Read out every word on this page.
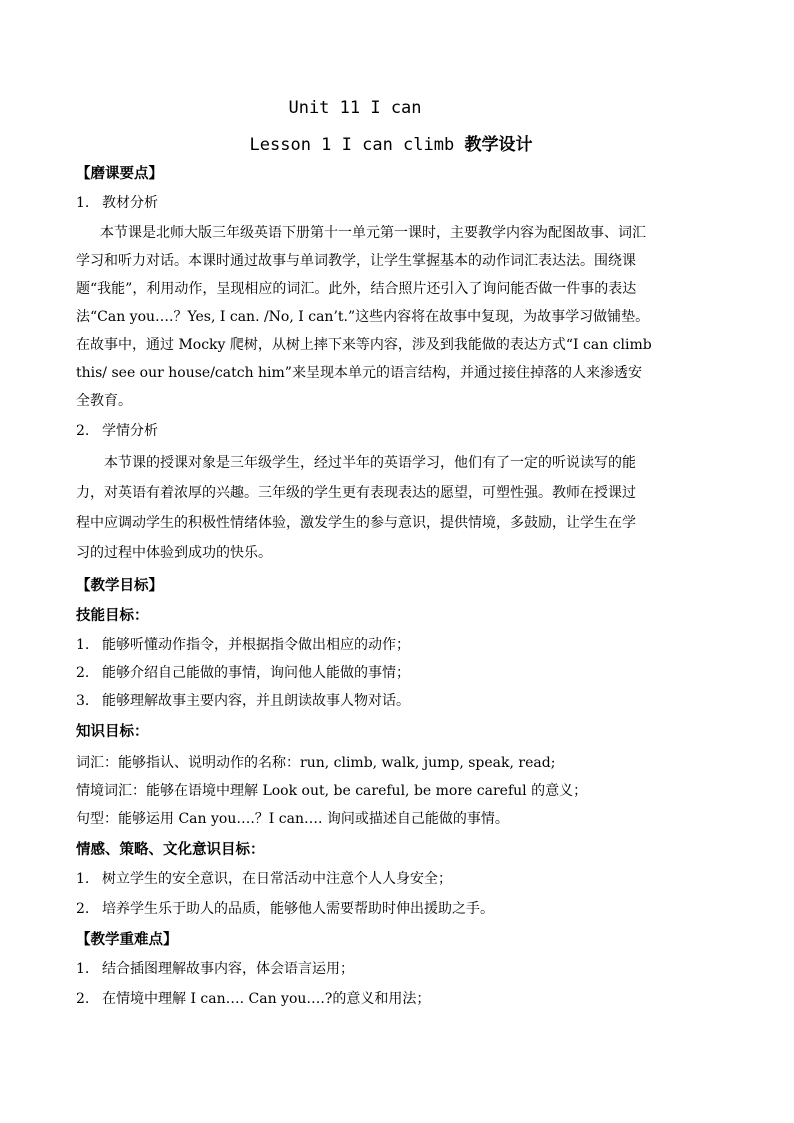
Unit 11 I can
Lesson 1 I can climb 教学设计
【磨课要点】
1. 教材分析
本节课是北师大版三年级英语下册第十一单元第一课时，主要教学内容为配图故事、词汇
学习和听力对话。本课时通过故事与单词教学，让学生掌握基本的动作词汇表达法。围绕课
题“我能”，利用动作，呈现相应的词汇。此外，结合照片还引入了询问能否做一件事的表达
法“Can you….？Yes, I can. /No, I can’t.”这些内容将在故事中复现，为故事学习做铺垫。
在故事中，通过 Mocky 爬树，从树上摔下来等内容，涉及到我能做的表达方式“I can climb
this/ see our house/catch him”来呈现本单元的语言结构，并通过接住掉落的人来渗透安
全教育。
2. 学情分析
本节课的授课对象是三年级学生，经过半年的英语学习，他们有了一定的听说读写的能
力，对英语有着浓厚的兴趣。三年级的学生更有表现表达的愿望，可塑性强。教师在授课过
程中应调动学生的积极性情绪体验，激发学生的参与意识，提供情境，多鼓励，让学生在学
习的过程中体验到成功的快乐。
【教学目标】
技能目标：
1. 能够听懂动作指令，并根据指令做出相应的动作；
2. 能够介绍自己能做的事情，询问他人能做的事情；
3. 能够理解故事主要内容，并且朗读故事人物对话。
知识目标：
词汇：能够指认、说明动作的名称：run, climb, walk, jump, speak, read;
情境词汇：能够在语境中理解 Look out, be careful, be more careful 的意义；
句型：能够运用 Can you….？I can…. 询问或描述自己能做的事情。
情感、策略、文化意识目标：
1. 树立学生的安全意识，在日常活动中注意个人人身安全；
2. 培养学生乐于助人的品质，能够他人需要帮助时伸出援助之手。
【教学重难点】
1. 结合插图理解故事内容，体会语言运用；
2. 在情境中理解 I can…. Can you….?的意义和用法；
